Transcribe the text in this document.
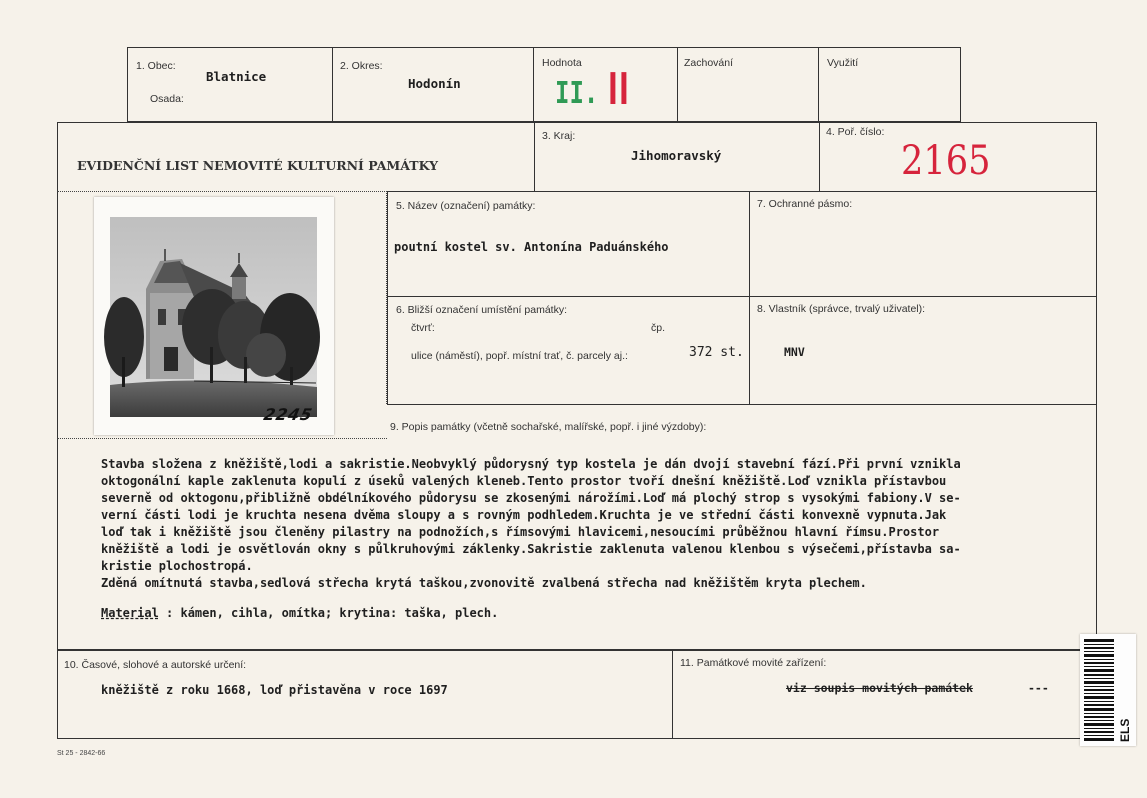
1. Obec:
Blatnice
Osada:
2. Okres:
Hodonín
Hodnota
II. II
Zachování	Využití
EVIDENČNÍ LIST NEMOVITÉ KULTURNÍ PAMÁTKY
3. Kraj:
Jihomoravský
4. Poř. číslo:
2165
2245
5. Název (označení) památky:
poutní kostel sv. Antonína Paduánského
7. Ochranné pásmo:
6. Bližší označení umístění památky:
čtvrť:	čp.
ulice (náměstí), popř. místní trať, č. parcely aj.:	372 st.
8. Vlastník (správce, trvalý uživatel):
MNV
9. Popis památky (včetně sochařské, malířské, popř. i jiné výzdoby):
Stavba složena z kněžiště,lodi a sakristie.Neobvyklý půdorysný typ kostela je dán dvojí stavební fází.Při první vznikla
oktogonální kaple zaklenuta kopulí z úseků valených kleneb.Tento prostor tvoří dnešní kněžiště.Loď vznikla přístavbou
severně od oktogonu,přibližně obdélníkového půdorysu se zkosenými nárožími.Loď má plochý strop s vysokými fabiony.V se-
verní části lodi je kruchta nesena dvěma sloupy a s rovným podhledem.Kruchta je ve střední části konvexně vypnuta.Jak
loď tak i kněžiště jsou členěny pilastry na podnožích,s římsovými hlavicemi,nesoucími průběžnou hlavní římsu.Prostor
kněžiště a lodi je osvětlován okny s půlkruhovými záklenky.Sakristie zaklenuta valenou klenbou s výsečemi,přístavba sa-
kristie plochostropá.
Zděná omítnutá stavba,sedlová střecha krytá taškou,zvonovitě zvalbená střecha nad kněžištěm kryta plechem.
Material : kámen, cihla, omítka; krytina: taška, plech.
10. Časové, slohové a autorské určení:
kněžiště z roku 1668, loď přistavěna v roce 1697
11. Památkové movité zařízení:
viz soupis movitých památek	---
St 25 - 2842-66
ELS
